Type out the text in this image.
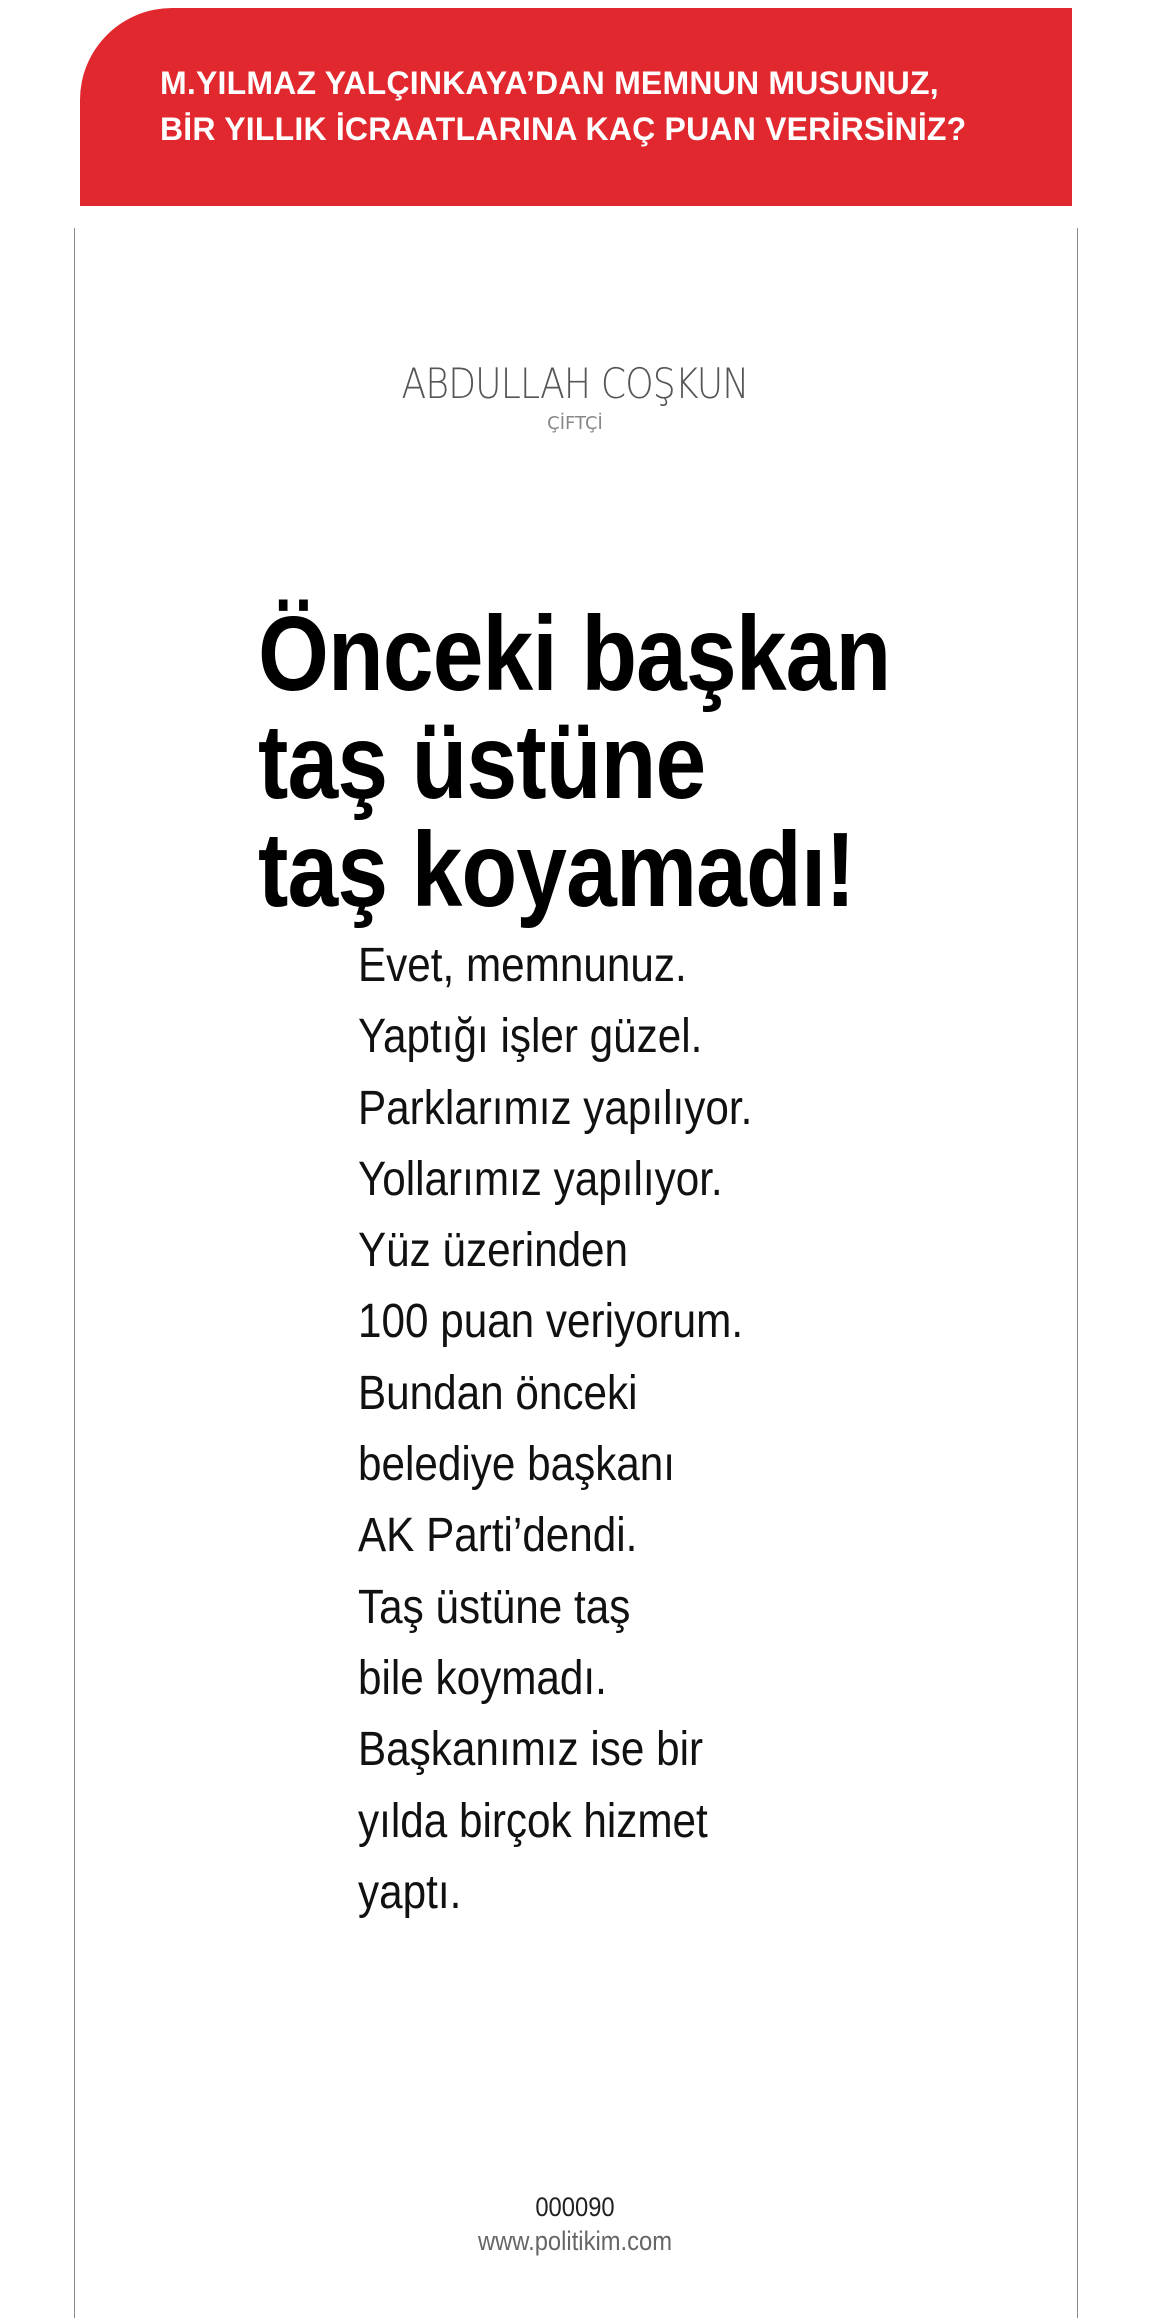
M.YILMAZ YALÇINKAYA’DAN MEMNUN MUSUNUZ,
BİR YILLIK İCRAATLARINA KAÇ PUAN VERİRSİNİZ?
ABDULLAH COŞKUN
ÇİFTÇİ
Önceki başkan
taş üstüne
taş koyamadı!
Evet, memnunuz.
Yaptığı işler güzel.
Parklarımız yapılıyor.
Yollarımız yapılıyor.
Yüz üzerinden
100 puan veriyorum.
Bundan önceki
belediye başkanı
AK Parti’dendi.
Taş üstüne taş
bile koymadı.
Başkanımız ise bir
yılda birçok hizmet
yaptı.
000090
www.politikim.com
